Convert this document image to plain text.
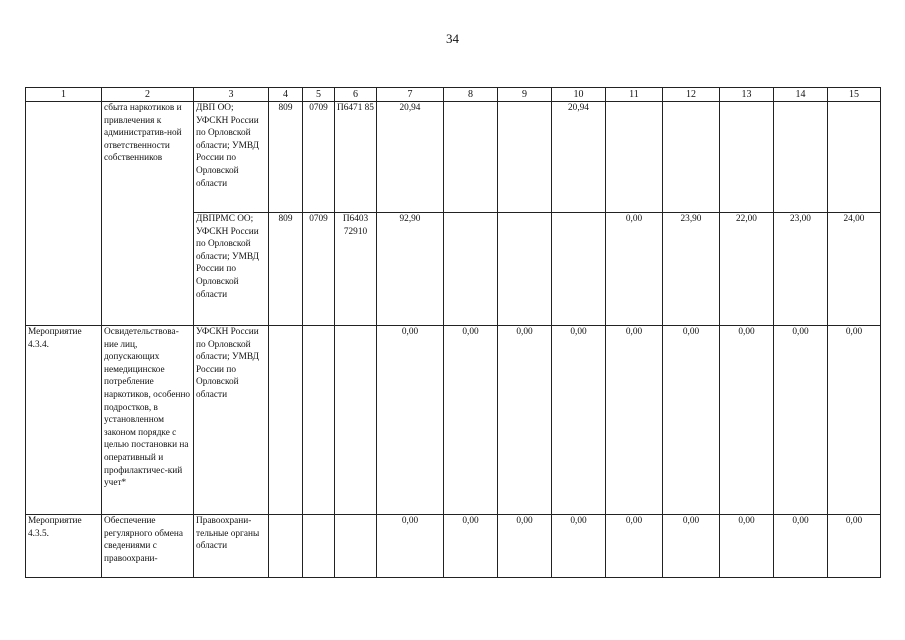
34
1	2	3	4	5	6	7	8	9	10	11	12	13	14	15
	сбыта наркотиков и привлечения к административ-ной ответственности собственников	ДВП ОО; УФСКН России по Орловской области; УМВД России по Орловской области	809	0709	П6471 85	20,94			20,94					
		ДВПРМС ОО; УФСКН России по Орловской области; УМВД России по Орловской области	809	0709	П6403 72910	92,90				0,00	23,90	22,00	23,00	24,00
Мероприятие 4.3.4.	Освидетельствова-ние лиц, допускающих немедицинское потребление наркотиков, особенно подростков, в установленном законом порядке с целью постановки на оперативный и профилактичес-кий учет*	УФСКН России по Орловской области; УМВД России по Орловской области				0,00	0,00	0,00	0,00	0,00	0,00	0,00	0,00	0,00
Мероприятие 4.3.5.	Обеспечение регулярного обмена сведениями с правоохрани-	Правоохрани-тельные органы области				0,00	0,00	0,00	0,00	0,00	0,00	0,00	0,00	0,00
